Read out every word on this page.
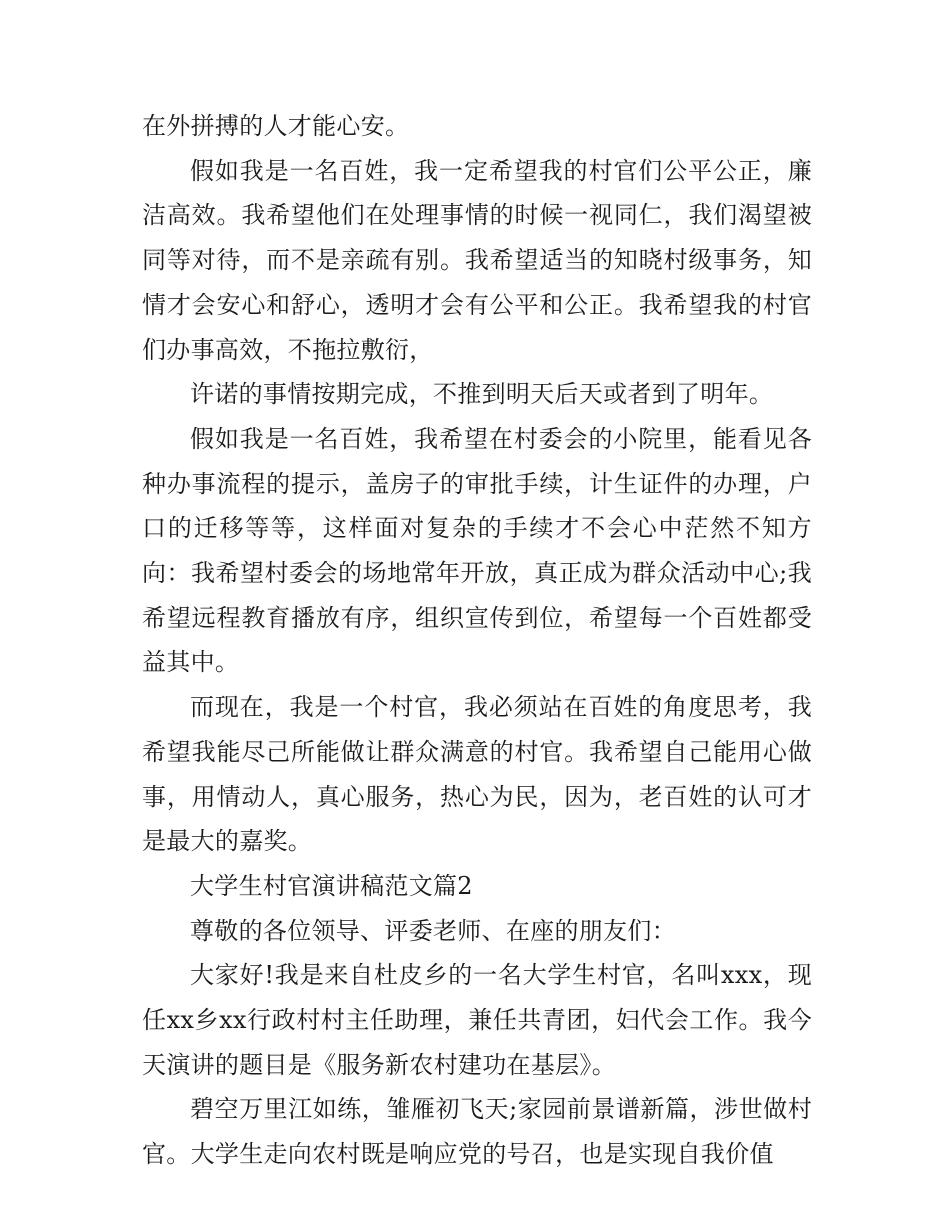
在外拼搏的人才能心安。

假如我是一名百姓，我一定希望我的村官们公平公正，廉洁高效。我希望他们在处理事情的时候一视同仁，我们渴望被同等对待，而不是亲疏有别。我希望适当的知晓村级事务，知情才会安心和舒心，透明才会有公平和公正。我希望我的村官们办事高效，不拖拉敷衍，

许诺的事情按期完成，不推到明天后天或者到了明年。

假如我是一名百姓，我希望在村委会的小院里，能看见各种办事流程的提示，盖房子的审批手续，计生证件的办理，户口的迁移等等，这样面对复杂的手续才不会心中茫然不知方向：我希望村委会的场地常年开放，真正成为群众活动中心;我希望远程教育播放有序，组织宣传到位，希望每一个百姓都受益其中。

而现在，我是一个村官，我必须站在百姓的角度思考，我希望我能尽己所能做让群众满意的村官。我希望自己能用心做事，用情动人，真心服务，热心为民，因为，老百姓的认可才是最大的嘉奖。

大学生村官演讲稿范文篇2

尊敬的各位领导、评委老师、在座的朋友们：

大家好!我是来自杜皮乡的一名大学生村官，名叫xxx，现任xx乡xx行政村村主任助理，兼任共青团，妇代会工作。我今天演讲的题目是《服务新农村建功在基层》。

碧空万里江如练，雏雁初飞天;家园前景谱新篇，涉世做村官。大学生走向农村既是响应党的号召，也是实现自我价值
